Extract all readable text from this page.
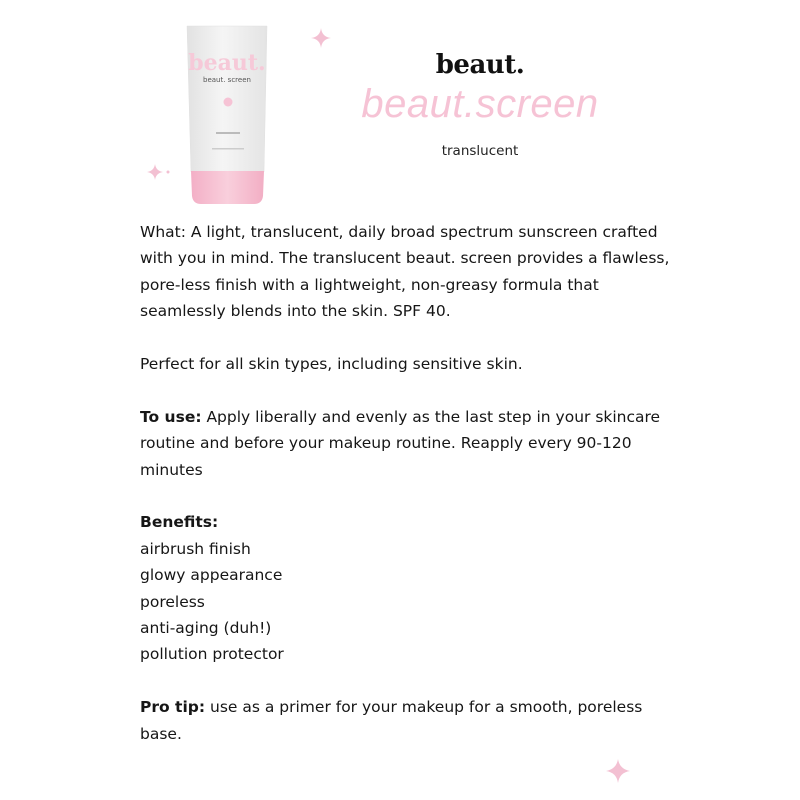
beaut.
beaut. screen	beaut.
beaut.screen
translucent

What: A light, translucent, daily broad spectrum sunscreen crafted with you in mind. The translucent beaut. screen provides a flawless, pore-less finish with a lightweight, non-greasy formula that seamlessly blends into the skin. SPF 40.

Perfect for all skin types, including sensitive skin.

To use: Apply liberally and evenly as the last step in your skincare routine and before your makeup routine. Reapply every 90-120 minutes

Benefits:

airbrush finish

glowy appearance

poreless

anti-aging (duh!)

pollution protector

Pro tip: use as a primer for your makeup for a smooth, poreless base.
